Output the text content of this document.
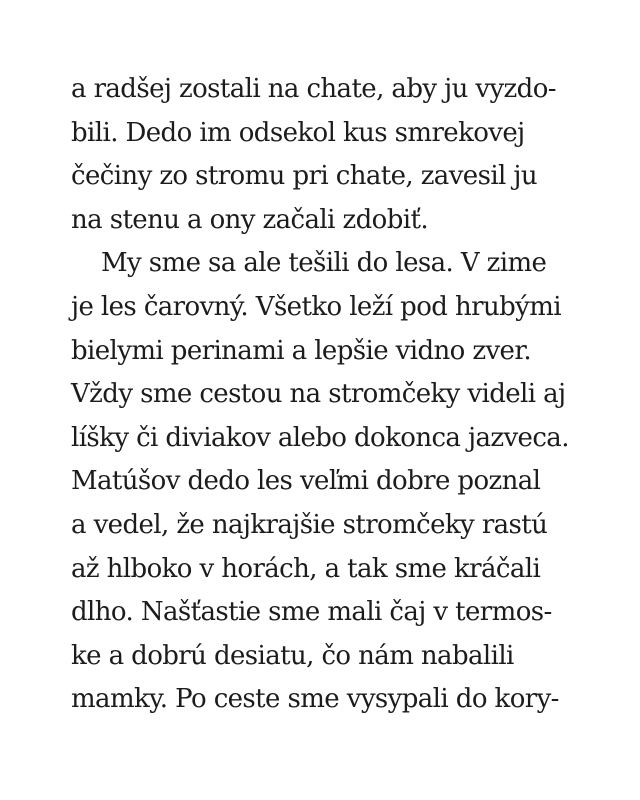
a radšej zostali na chate, aby ju vyzdo-
bili. Dedo im odsekol kus smrekovej
čečiny zo stromu pri chate, zavesil ju
na stenu a ony začali zdobiť.
My sme sa ale tešili do lesa. V zime
je les čarovný. Všetko leží pod hrubými
bielymi perinami a lepšie vidno zver.
Vždy sme cestou na stromčeky videli aj
líšky či diviakov alebo dokonca jazveca.
Matúšov dedo les veľmi dobre poznal
a vedel, že najkrajšie stromčeky rastú
až hlboko v horách, a tak sme kráčali
dlho. Našťastie sme mali čaj v termos-
ke a dobrú desiatu, čo nám nabalili
mamky. Po ceste sme vysypali do kory-
